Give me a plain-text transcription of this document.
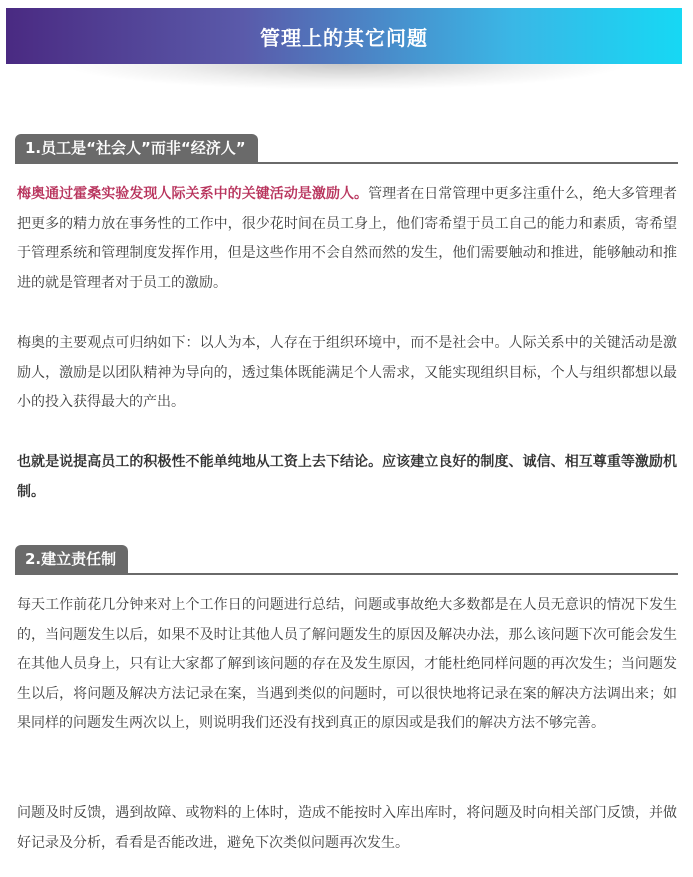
管理上的其它问题
1.员工是“社会人”而非“经济人”

梅奥通过霍桑实验发现人际关系中的关键活动是激励人。管理者在日常管理中更多注重什么，绝大多管理者把更多的精力放在事务性的工作中，很少花时间在员工身上，他们寄希望于员工自己的能力和素质，寄希望于管理系统和管理制度发挥作用，但是这些作用不会自然而然的发生，他们需要触动和推进，能够触动和推进的就是管理者对于员工的激励。

梅奥的主要观点可归纳如下：以人为本，人存在于组织环境中，而不是社会中。人际关系中的关键活动是激励人，激励是以团队精神为导向的，透过集体既能满足个人需求，又能实现组织目标，个人与组织都想以最小的投入获得最大的产出。

也就是说提高员工的积极性不能单纯地从工资上去下结论。应该建立良好的制度、诚信、相互尊重等激励机制。

2.建立责任制

每天工作前花几分钟来对上个工作日的问题进行总结，问题或事故绝大多数都是在人员无意识的情况下发生的，当问题发生以后，如果不及时让其他人员了解问题发生的原因及解决办法，那么该问题下次可能会发生在其他人员身上，只有让大家都了解到该问题的存在及发生原因，才能杜绝同样问题的再次发生；当问题发生以后，将问题及解决方法记录在案，当遇到类似的问题时，可以很快地将记录在案的解决方法调出来；如果同样的问题发生两次以上，则说明我们还没有找到真正的原因或是我们的解决方法不够完善。

问题及时反馈，遇到故障、或物料的上体时，造成不能按时入库出库时，将问题及时向相关部门反馈，并做好记录及分析，看看是否能改进，避免下次类似问题再次发生。
